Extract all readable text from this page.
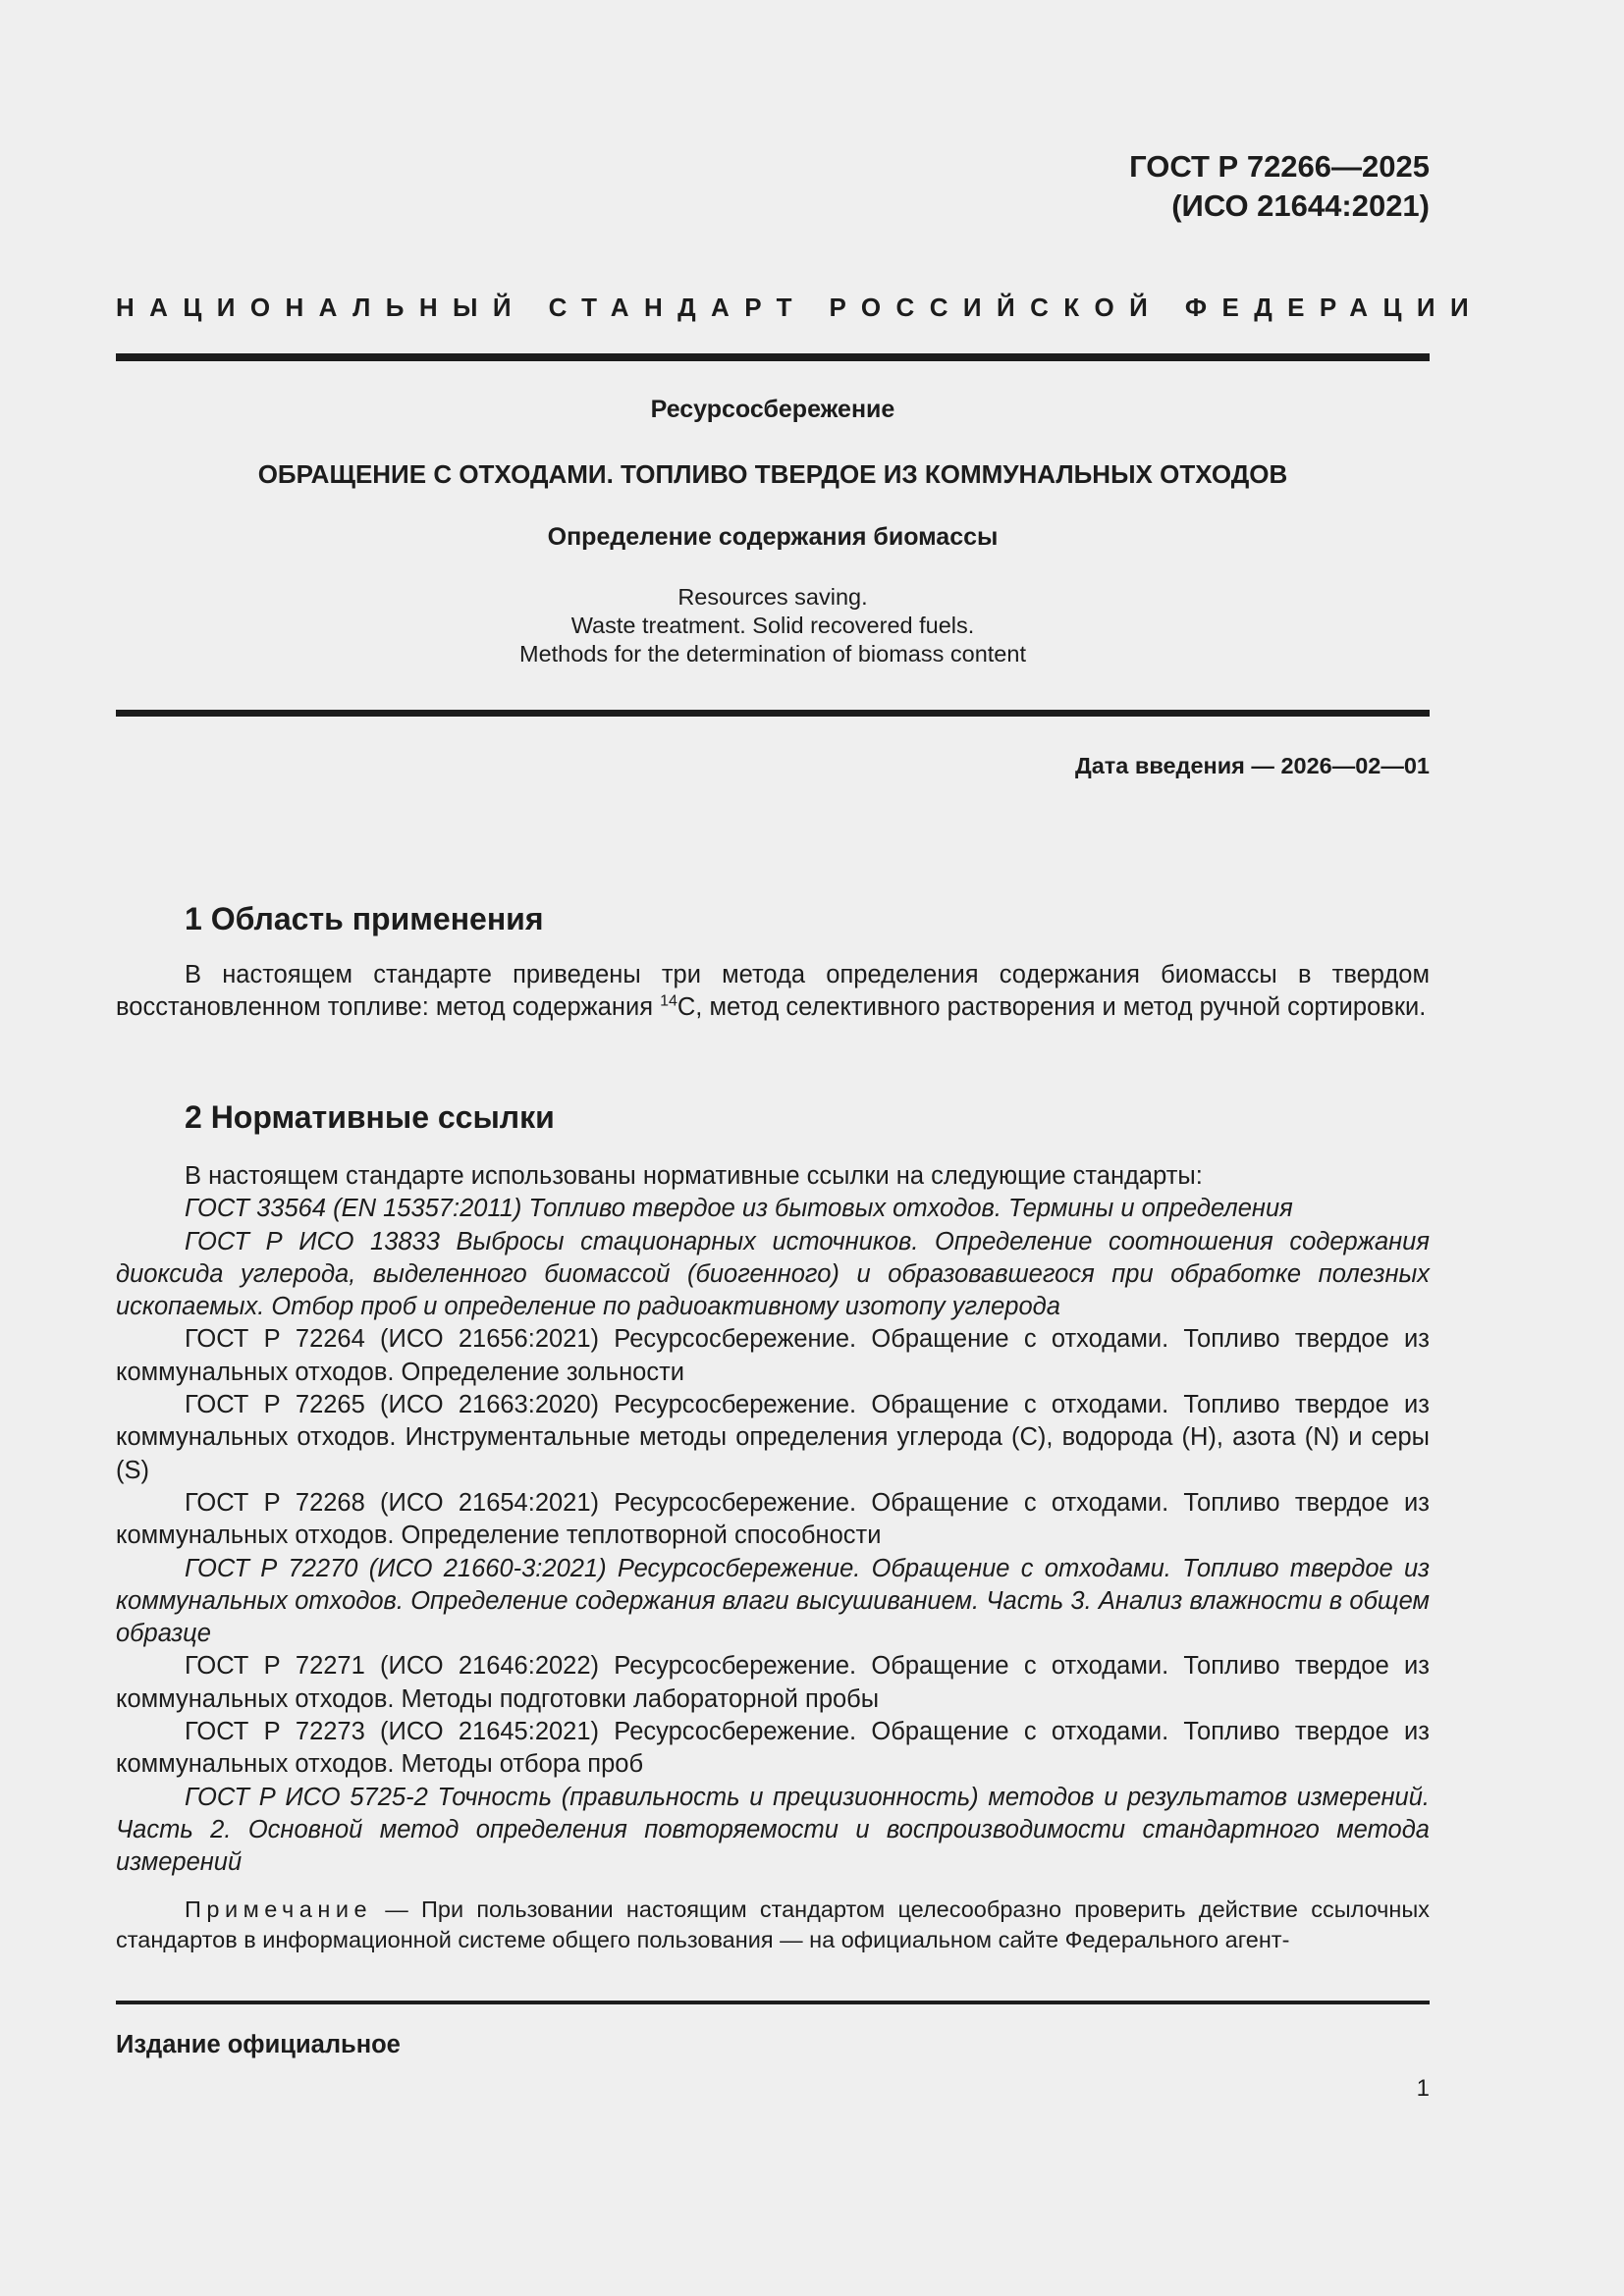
ГОСТ Р 72266—2025
(ИСО 21644:2021)
НАЦИОНАЛЬНЫЙ СТАНДАРТ РОССИЙСКОЙ ФЕДЕРАЦИИ
Ресурсосбережение
ОБРАЩЕНИЕ С ОТХОДАМИ. ТОПЛИВО ТВЕРДОЕ ИЗ КОММУНАЛЬНЫХ ОТХОДОВ
Определение содержания биомассы
Resources saving.
Waste treatment. Solid recovered fuels.
Methods for the determination of biomass content
Дата введения — 2026—02—01
1 Область применения

В настоящем стандарте приведены три метода определения содержания биомассы в твердом восстановленном топливе: метод содержания $^{14}$С, метод селективного растворения и метод ручной сортировки.

2 Нормативные ссылки

В настоящем стандарте использованы нормативные ссылки на следующие стандарты:

ГОСТ 33564 (EN 15357:2011) Топливо твердое из бытовых отходов. Термины и определения

ГОСТ Р ИСО 13833 Выбросы стационарных источников. Определение соотношения содержания диоксида углерода, выделенного биомассой (биогенного) и образовавшегося при обработке полезных ископаемых. Отбор проб и определение по радиоактивному изотопу углерода

ГОСТ Р 72264 (ИСО 21656:2021) Ресурсосбережение. Обращение с отходами. Топливо твердое из коммунальных отходов. Определение зольности

ГОСТ Р 72265 (ИСО 21663:2020) Ресурсосбережение. Обращение с отходами. Топливо твердое из коммунальных отходов. Инструментальные методы определения углерода (С), водорода (Н), азота (N) и серы (S)

ГОСТ Р 72268 (ИСО 21654:2021) Ресурсосбережение. Обращение с отходами. Топливо твердое из коммунальных отходов. Определение теплотворной способности

ГОСТ Р 72270 (ИСО 21660-3:2021) Ресурсосбережение. Обращение с отходами. Топливо твердое из коммунальных отходов. Определение содержания влаги высушиванием. Часть 3. Анализ влажности в общем образце

ГОСТ Р 72271 (ИСО 21646:2022) Ресурсосбережение. Обращение с отходами. Топливо твердое из коммунальных отходов. Методы подготовки лабораторной пробы

ГОСТ Р 72273 (ИСО 21645:2021) Ресурсосбережение. Обращение с отходами. Топливо твердое из коммунальных отходов. Методы отбора проб

ГОСТ Р ИСО 5725-2 Точность (правильность и прецизионность) методов и результатов измерений. Часть 2. Основной метод определения повторяемости и воспроизводимости стандартного метода измерений

Примечание — При пользовании настоящим стандартом целесообразно проверить действие ссылочных стандартов в информационной системе общего пользования — на официальном сайте Федерального агент-

Издание официальное
1
